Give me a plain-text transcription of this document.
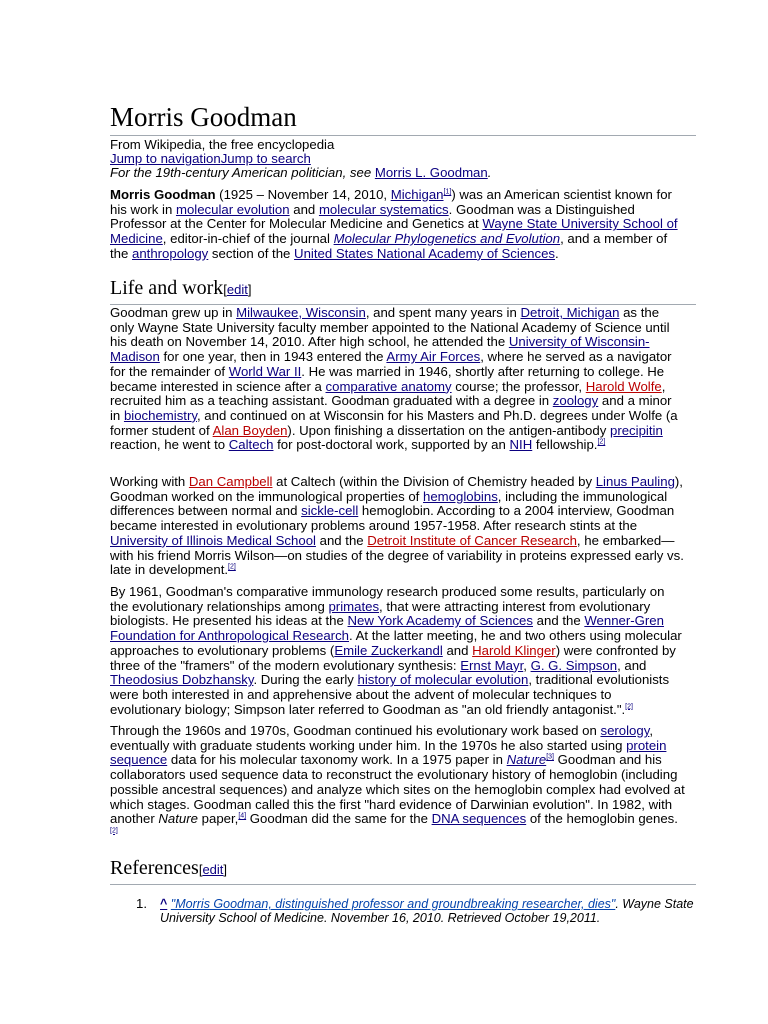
Morris Goodman
From Wikipedia, the free encyclopedia
Jump to navigationJump to search
For the 19th-century American politician, see Morris L. Goodman.

Morris Goodman (1925 – November 14, 2010, Michigan[1]) was an American scientist known for his work in molecular evolution and molecular systematics. Goodman was a Distinguished Professor at the Center for Molecular Medicine and Genetics at Wayne State University School of Medicine, editor-in-chief of the journal Molecular Phylogenetics and Evolution, and a member of the anthropology section of the United States National Academy of Sciences.

Life and work[edit]

Goodman grew up in Milwaukee, Wisconsin, and spent many years in Detroit, Michigan as the only Wayne State University faculty member appointed to the National Academy of Science until his death on November 14, 2010. After high school, he attended the University of Wisconsin-Madison for one year, then in 1943 entered the Army Air Forces, where he served as a navigator for the remainder of World War II. He was married in 1946, shortly after returning to college. He became interested in science after a comparative anatomy course; the professor, Harold Wolfe, recruited him as a teaching assistant. Goodman graduated with a degree in zoology and a minor in biochemistry, and continued on at Wisconsin for his Masters and Ph.D. degrees under Wolfe (a former student of Alan Boyden). Upon finishing a dissertation on the antigen-antibody precipitin reaction, he went to Caltech for post-doctoral work, supported by an NIH fellowship.[2]

Working with Dan Campbell at Caltech (within the Division of Chemistry headed by Linus Pauling), Goodman worked on the immunological properties of hemoglobins, including the immunological differences between normal and sickle-cell hemoglobin. According to a 2004 interview, Goodman became interested in evolutionary problems around 1957-1958. After research stints at the University of Illinois Medical School and the Detroit Institute of Cancer Research, he embarked—with his friend Morris Wilson—on studies of the degree of variability in proteins expressed early vs. late in development.[2]

By 1961, Goodman's comparative immunology research produced some results, particularly on the evolutionary relationships among primates, that were attracting interest from evolutionary biologists. He presented his ideas at the New York Academy of Sciences and the Wenner-Gren Foundation for Anthropological Research. At the latter meeting, he and two others using molecular approaches to evolutionary problems (Emile Zuckerkandl and Harold Klinger) were confronted by three of the "framers" of the modern evolutionary synthesis: Ernst Mayr, G. G. Simpson, and Theodosius Dobzhansky. During the early history of molecular evolution, traditional evolutionists were both interested in and apprehensive about the advent of molecular techniques to evolutionary biology; Simpson later referred to Goodman as "an old friendly antagonist.".[2]

Through the 1960s and 1970s, Goodman continued his evolutionary work based on serology, eventually with graduate students working under him. In the 1970s he also started using protein sequence data for his molecular taxonomy work. In a 1975 paper in Nature[3] Goodman and his collaborators used sequence data to reconstruct the evolutionary history of hemoglobin (including possible ancestral sequences) and analyze which sites on the hemoglobin complex had evolved at which stages. Goodman called this the first "hard evidence of Darwinian evolution". In 1982, with another Nature paper,[4] Goodman did the same for the DNA sequences of the hemoglobin genes.[2]

References[edit]
1. ^ "Morris Goodman, distinguished professor and groundbreaking researcher, dies". Wayne State University School of Medicine. November 16, 2010. Retrieved October 19,2011.
